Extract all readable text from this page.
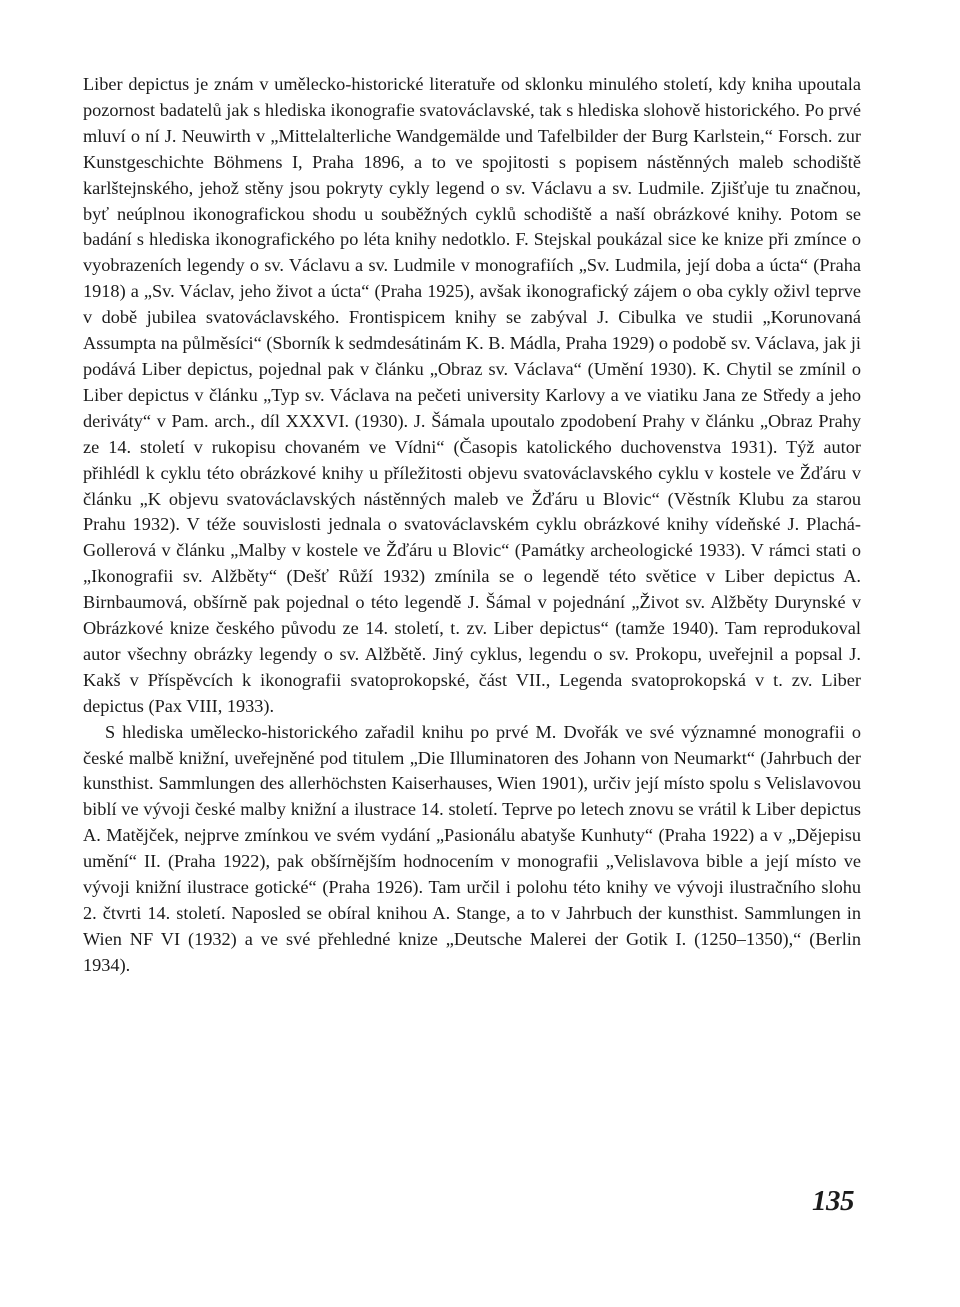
Liber depictus je znám v umělecko-historické literatuře od sklonku minulého století, kdy kniha upoutala pozornost badatelů jak s hlediska ikonografie svatováclavské, tak s hlediska slohově historického. Po prvé mluví o ní J. Neuwirth v „Mittelalterliche Wandgemälde und Tafelbilder der Burg Karlstein,“ Forsch. zur Kunstgeschichte Böhmens I, Praha 1896, a to ve spojitosti s popisem nástěnných maleb schodiště karlštejnského, jehož stěny jsou pokryty cykly legend o sv. Václavu a sv. Ludmile. Zjišťuje tu značnou, byť neúplnou ikonografickou shodu u souběžných cyklů schodiště a naší obrázkové knihy. Potom se badání s hlediska ikonografického po léta knihy nedotklo. F. Stejskal poukázal sice ke knize při zmínce o vyobrazeních legendy o sv. Václavu a sv. Ludmile v monografiích „Sv. Ludmila, její doba a úcta“ (Praha 1918) a „Sv. Václav, jeho život a úcta“ (Praha 1925), avšak ikonografický zájem o oba cykly oživl teprve v době jubilea svatováclavského. Frontispicem knihy se zabýval J. Cibulka ve studii „Korunovaná Assumpta na půlměsíci“ (Sborník k sedmdesátinám K. B. Mádla, Praha 1929) o podobě sv. Václava, jak ji podává Liber depictus, pojednal pak v článku „Obraz sv. Václava“ (Umění 1930). K. Chytil se zmínil o Liber depictus v článku „Typ sv. Václava na pečeti university Karlovy a ve viatiku Jana ze Středy a jeho deriváty“ v Pam. arch., díl XXXVI. (1930). J. Šámala upoutalo zpodobení Prahy v článku „Obraz Prahy ze 14. století v rukopisu chovaném ve Vídni“ (Časopis katolického duchovenstva 1931). Týž autor přihlédl k cyklu této obrázkové knihy u příležitosti objevu svatováclavského cyklu v kostele ve Žďáru v článku „K objevu svatováclavských nástěnných maleb ve Žďáru u Blovic“ (Věstník Klubu za starou Prahu 1932). V téže souvislosti jednala o svatováclavském cyklu obrázkové knihy vídeňské J. Plachá-Gollerová v článku „Malby v kostele ve Žďáru u Blovic“ (Památky archeologické 1933). V rámci stati o „Ikonografii sv. Alžběty“ (Dešť Růží 1932) zmínila se o legendě této světice v Liber depictus A. Birnbaumová, obšírně pak pojednal o této legendě J. Šámal v pojednání „Život sv. Alžběty Durynské v Obrázkové knize českého původu ze 14. století, t. zv. Liber depictus“ (tamže 1940). Tam reprodukoval autor všechny obrázky legendy o sv. Alžbětě. Jiný cyklus, legendu o sv. Prokopu, uveřejnil a popsal J. Kakš v Příspěvcích k ikonografii svatoprokopské, část VII., Legenda svatoprokopská v t. zv. Liber depictus (Pax VIII, 1933).

S hlediska umělecko-historického zařadil knihu po prvé M. Dvořák ve své významné monografii o české malbě knižní, uveřejněné pod titulem „Die Illuminatoren des Johann von Neumarkt“ (Jahrbuch der kunsthist. Sammlungen des allerhöchsten Kaiserhauses, Wien 1901), určiv její místo spolu s Velislavovou biblí ve vývoji české malby knižní a ilustrace 14. století. Teprve po letech znovu se vrátil k Liber depictus A. Matějček, nejprve zmínkou ve svém vydání „Pasionálu abatyše Kunhuty“ (Praha 1922) a v „Dějepisu umění“ II. (Praha 1922), pak obšírnějším hodnocením v monografii „Velislavova bible a její místo ve vývoji knižní ilustrace gotické“ (Praha 1926). Tam určil i polohu této knihy ve vývoji ilustračního slohu 2. čtvrti 14. století. Naposled se obíral knihou A. Stange, a to v Jahrbuch der kunsthist. Sammlungen in Wien NF VI (1932) a ve své přehledné knize „Deutsche Malerei der Gotik I. (1250–1350),“ (Berlin 1934).

135
